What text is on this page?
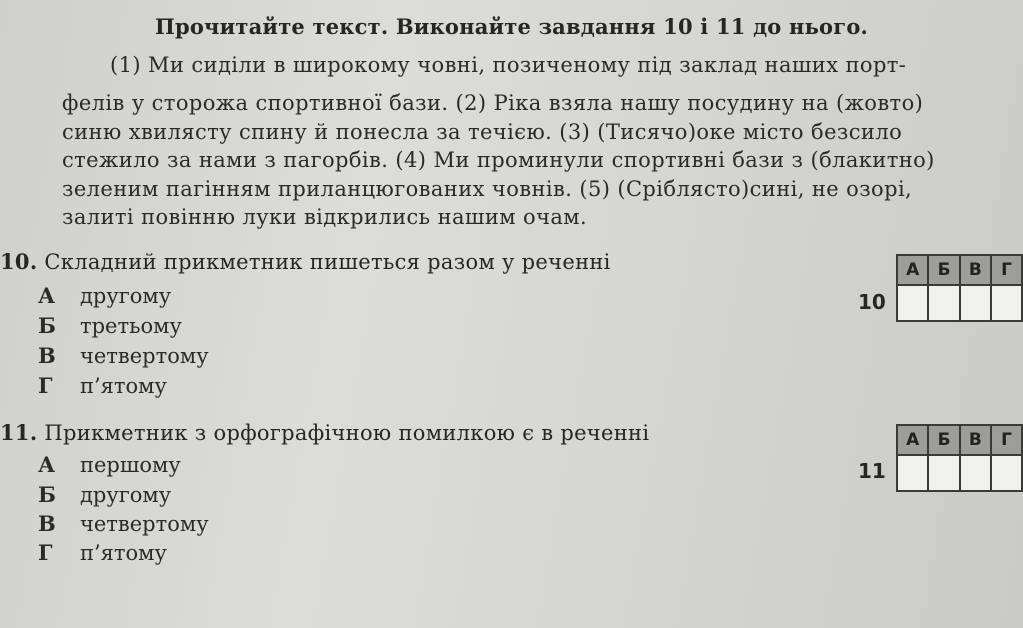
Прочитайте текст. Виконайте завдання 10 і 11 до нього.
(1) Ми сиділи в широкому човні, позиченому під заклад наших порт-
фелів у сторожа спортивної бази. (2) Ріка взяла нашу посудину на (жовто)
синю хвилясту спину й понесла за течією. (3) (Тисячо)оке місто безсило
стежило за нами з пагорбів. (4) Ми проминули спортивні бази з (блакитно)
зеленим пагінням прилaнцюгованих човнів. (5) (Сріблясто)сині, не озорі,
залиті повінню луки відкрились нашим очам.
10. Складний прикметник пишеться разом у реченні
А другому
Б третьому
В четвертому
Г п’ятому
10
А	Б	В	Г

11. Прикметник з орфографічною помилкою є в реченні
А першому
Б другому
В четвертому
Г п’ятому
11
А	Б	В	Г
